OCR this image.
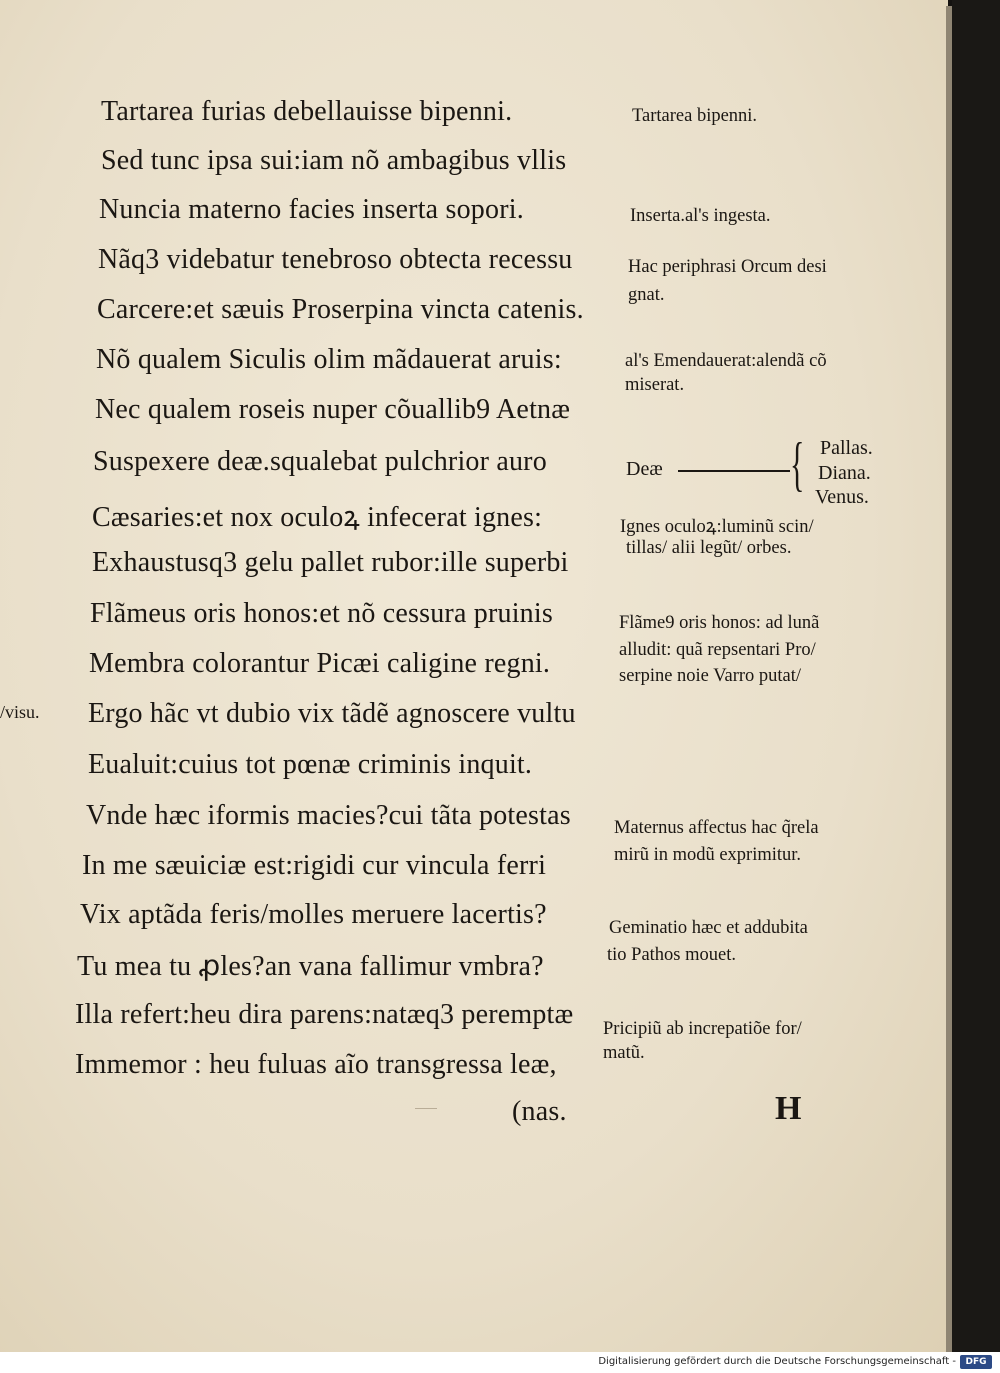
Tartarea furias debellauisse bipenni.
Sed tunc ipsa sui:iam nõ ambagibus vllis
Nuncia materno facies inserta sopori.
Nãq3 videbatur tenebroso obtecta recessu
Carcere:et sæuis Proserpina vincta catenis.
Nõ qualem Siculis olim mãdauerat aruis:
Nec qualem roseis nuper cõuallib9 Aetnæ
Suspexere deæ.squalebat pulchrior auro
Cæsaries:et nox oculoꝝ infecerat ignes:
Exhaustusq3 gelu pallet rubor:ille superbi
Flãmeus oris honos:et nõ cessura pruinis
Membra colorantur Picæi caligine regni.
Ergo hãc vt dubio vix tãdẽ agnoscere vultu
Eualuit:cuius tot pœnæ criminis inquit.
Vnde hæc iformis macies?cui tãta potestas
In me sæuiciæ est:rigidi cur vincula ferri
Vix aptãda feris/molles meruere lacertis?
Tu mea tu ꝓles?an vana fallimur vmbra?
Illa refert:heu dira parens:natæq3 peremptæ
Immemor : heu fuluas aĩo transgressa leæ,
(nas.	H
/visu.
Tartarea bipenni.
Inserta.al's ingesta.
Hac periphrasi Orcum desi
gnat.
al's Emendauerat:alendã cõ
miserat.
Deæ { Pallas.
Diana.
Venus.
Ignes oculoꝝ:luminũ scin/
tillas/ alii legũt/ orbes.
Flãme9 oris honos: ad lunã
alludit: quã repsentari Pro/
serpine noie Varro putat/
Maternus affectus hac q̃rela
mirũ in modũ exprimitur.
Geminatio hæc et addubita
tio Pathos mouet.
Pricipiũ ab increpatiõe for/
matũ.
Digitalisierung gefördert durch die Deutsche Forschungsgemeinschaft -	DFG
